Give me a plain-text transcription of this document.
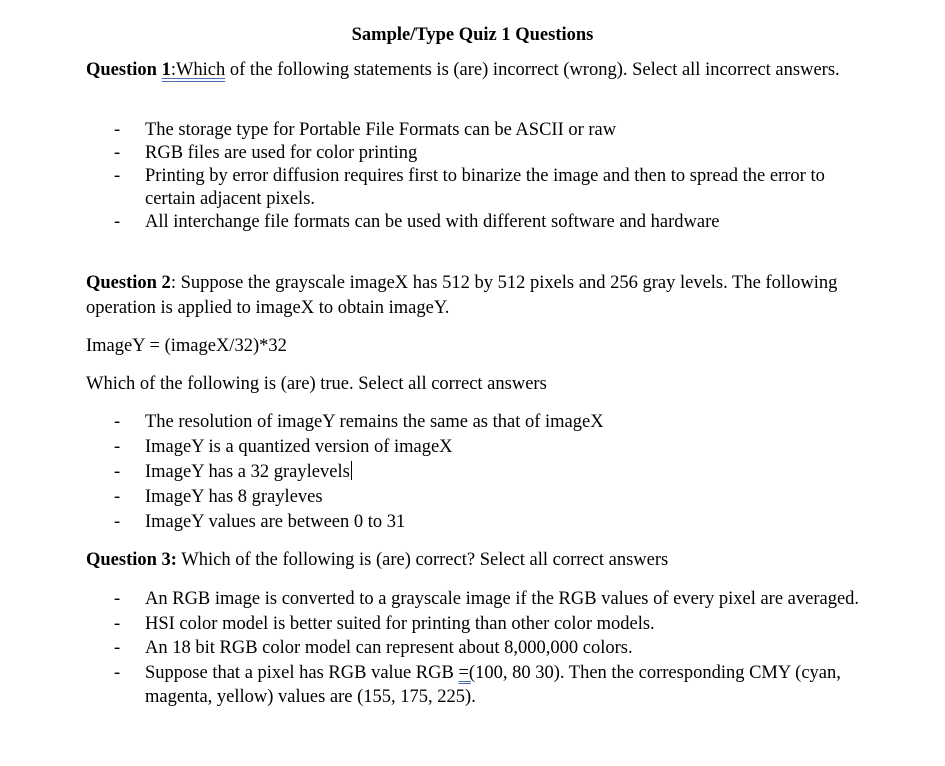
Sample/Type Quiz 1 Questions
Question 1:Which of the following statements is (are) incorrect (wrong). Select all incorrect answers.
- The storage type for Portable File Formats can be ASCII or raw
- RGB files are used for color printing
- Printing by error diffusion requires first to binarize the image and then to spread the error to certain adjacent pixels.
- All interchange file formats can be used with different software and hardware
Question 2: Suppose the grayscale imageX has 512 by 512 pixels and 256 gray levels. The following operation is applied to imageX to obtain imageY.
ImageY = (imageX/32)*32
Which of the following is (are) true. Select all correct answers
- The resolution of imageY remains the same as that of imageX
- ImageY is a quantized version of imageX
- ImageY has a 32 graylevels
- ImageY has 8 grayleves
- ImageY values are between 0 to 31
Question 3: Which of the following is (are) correct? Select all correct answers
- An RGB image is converted to a grayscale image if the RGB values of every pixel are averaged.
- HSI color model is better suited for printing than other color models.
- An 18 bit RGB color model can represent about 8,000,000 colors.
- Suppose that a pixel has RGB value RGB =(100, 80 30). Then the corresponding CMY (cyan, magenta, yellow) values are (155, 175, 225).
